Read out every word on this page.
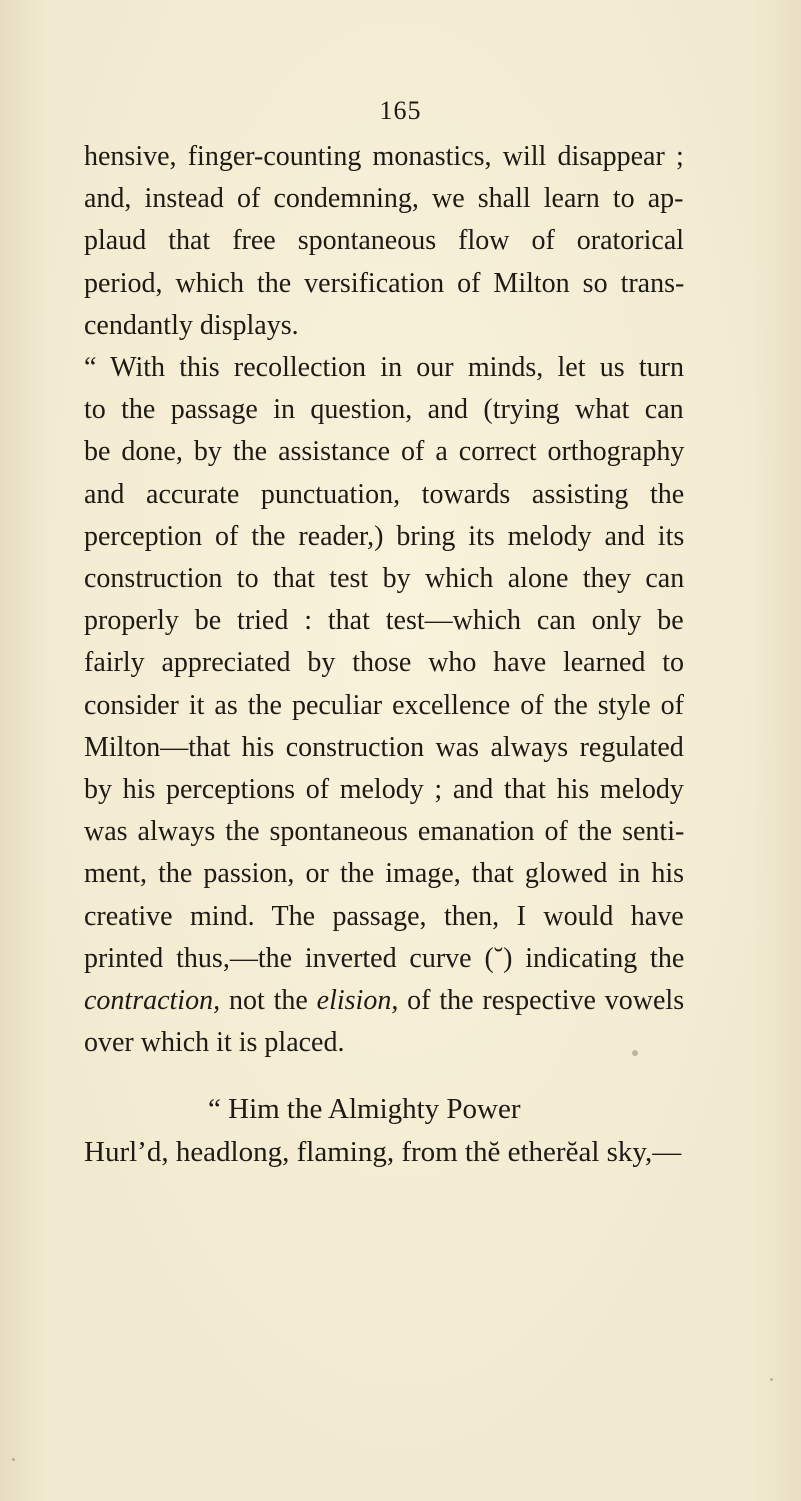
165
hensive, finger-counting monastics, will disappear ;
and, instead of condemning, we shall learn to ap-
plaud that free spontaneous flow of oratorical
period, which the versification of Milton so trans-
cendantly displays.
“ With this recollection in our minds, let us turn
to the passage in question, and (trying what can
be done, by the assistance of a correct orthography
and accurate punctuation, towards assisting the
perception of the reader,) bring its melody and its
construction to that test by which alone they can
properly be tried : that test—which can only be
fairly appreciated by those who have learned to
consider it as the peculiar excellence of the style of
Milton—that his construction was always regulated
by his perceptions of melody ; and that his melody
was always the spontaneous emanation of the senti-
ment, the passion, or the image, that glowed in his
creative mind. The passage, then, I would have
printed thus,—the inverted curve (˘) indicating the
contraction, not the elision, of the respective vowels
over which it is placed.
“ Him the Almighty Power
Hurl’d, headlong, flaming, from thĕ etherĕal sky,—
